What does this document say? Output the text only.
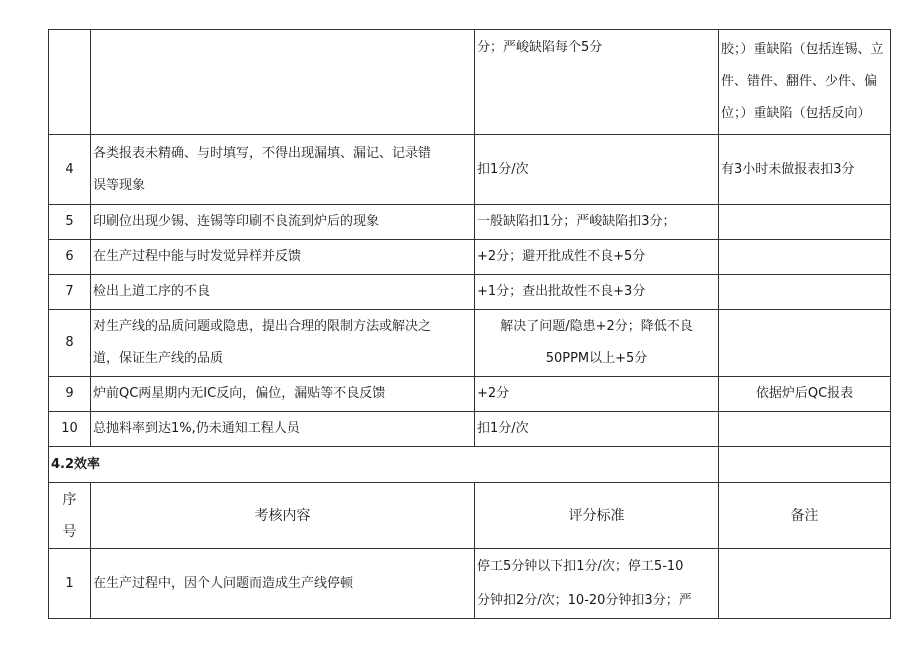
		分；严峻缺陷每个5分	胶；）重缺陷（包括连锡、立
件、错件、翻件、少件、偏
位；）重缺陷（包括反向）

4	各类报表未精确、与时填写，不得出现漏填、漏记、记录错
误等现象	扣1分/次	有3小时未做报表扣3分
5	印刷位出现少锡、连锡等印刷不良流到炉后的现象	一般缺陷扣1分；严峻缺陷扣3分；	
6	在生产过程中能与时发觉异样并反馈	+2分；避开批成性不良+5分	
7	检出上道工序的不良	+1分；查出批故性不良+3分	
8	对生产线的品质问题或隐患，提出合理的限制方法或解决之
道，保证生产线的品质	解决了问题/隐患+2分；降低不良
50PPM以上+5分	

9	炉前QC两星期内无IC反向，偏位，漏贴等不良反馈	+2分	依据炉后QC报表
10	总抛料率到达1%,仍未通知工程人员	扣1分/次	
4.2效率			

序
号	考核内容	评分标准	备注
1	在生产过程中，因个人问题而造成生产线停顿	停工5分钟以下扣1分/次；停工5-10
分钟扣2分/次；10-20分钟扣3分；严	
